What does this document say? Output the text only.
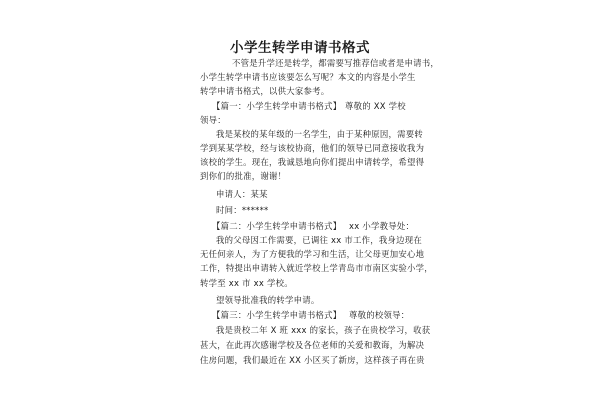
小学生转学申请书格式
不管是升学还是转学，都需要写推荐信或者是申请书，
小学生转学申请书应该要怎么写呢？本文的内容是小学生
转学申请书格式，以供大家参考。
【篇一：小学生转学申请书格式】 尊敬的 XX 学校
领导：
我是某校的某年级的一名学生，由于某种原因，需要转
学到某某学校，经与该校协商，他们的领导已同意接收我为
该校的学生。现在，我诚恳地向你们提出申请转学，希望得
到你们的批准，谢谢！
申请人：某某
时间：******
【篇二：小学生转学申请书格式】 xx 小学教导处：
我的父母因工作需要，已调往 xx 市工作，我身边现在
无任何亲人，为了方便我的学习和生活，让父母更加安心地
工作，特提出申请转入就近学校上学青岛市市南区实验小学，
转学至 xx 市 xx 学校。
望领导批准我的转学申请。
【篇三：小学生转学申请书格式】 尊敬的校领导：
我是贵校二年 X 班 xxx 的家长，孩子在贵校学习，收获
甚大，在此再次感谢学校及各位老师的关爱和教诲，为解决
住房问题，我们最近在 XX 小区买了新房，这样孩子再在贵
